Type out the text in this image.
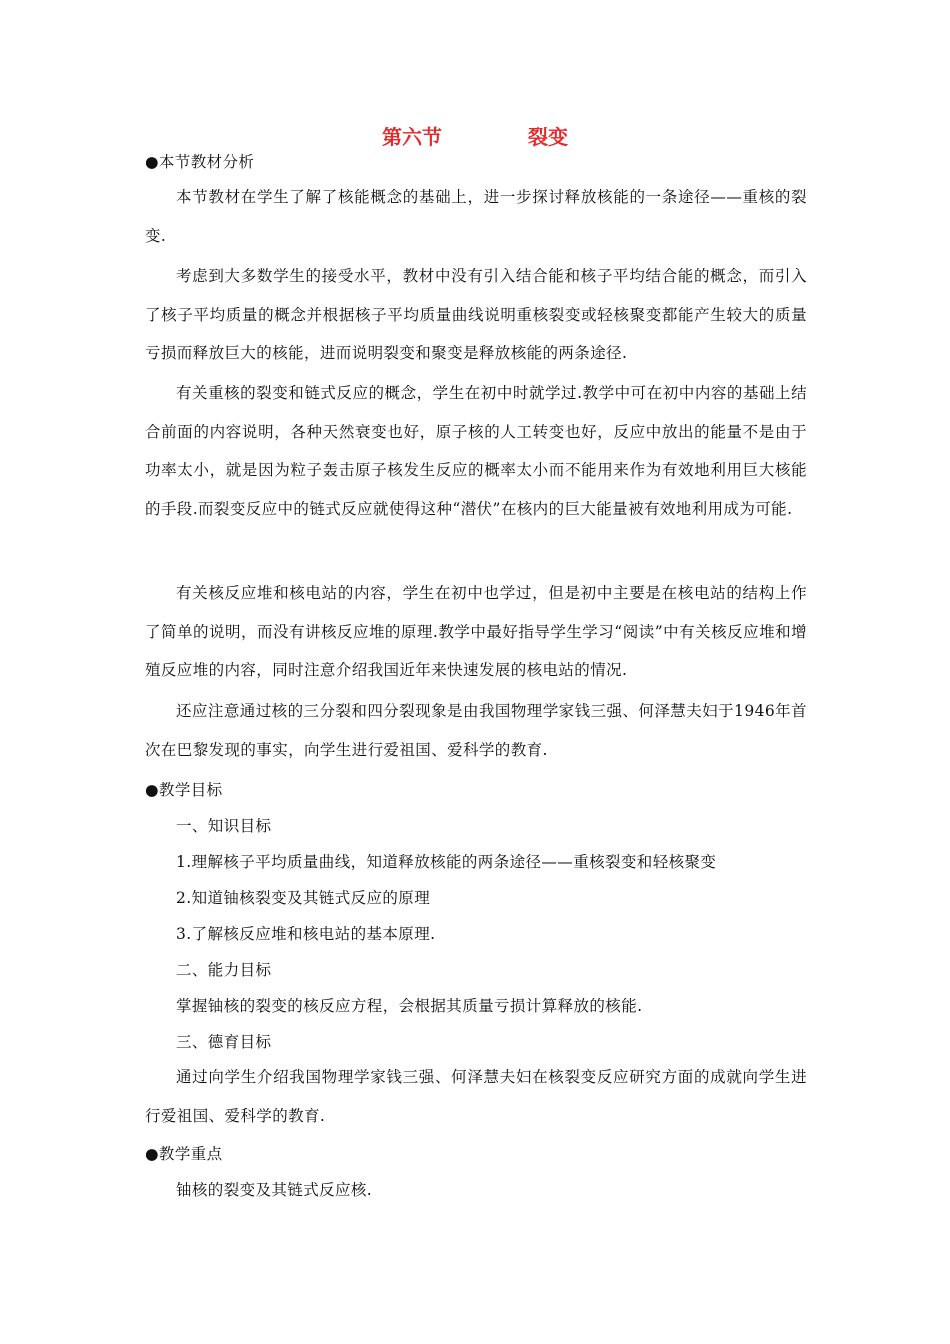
第六节	裂变
●本节教材分析
本节教材在学生了解了核能概念的基础上，进一步探讨释放核能的一条途径——重核的裂变.
考虑到大多数学生的接受水平，教材中没有引入结合能和核子平均结合能的概念，而引入了核子平均质量的概念并根据核子平均质量曲线说明重核裂变或轻核聚变都能产生较大的质量亏损而释放巨大的核能，进而说明裂变和聚变是释放核能的两条途径.
有关重核的裂变和链式反应的概念，学生在初中时就学过.教学中可在初中内容的基础上结合前面的内容说明，各种天然衰变也好，原子核的人工转变也好，反应中放出的能量不是由于功率太小，就是因为粒子轰击原子核发生反应的概率太小而不能用来作为有效地利用巨大核能的手段.而裂变反应中的链式反应就使得这种“潜伏”在核内的巨大能量被有效地利用成为可能.
有关核反应堆和核电站的内容，学生在初中也学过，但是初中主要是在核电站的结构上作了简单的说明，而没有讲核反应堆的原理.教学中最好指导学生学习“阅读”中有关核反应堆和增殖反应堆的内容，同时注意介绍我国近年来快速发展的核电站的情况.
还应注意通过核的三分裂和四分裂现象是由我国物理学家钱三强、何泽慧夫妇于1946年首次在巴黎发现的事实，向学生进行爱祖国、爱科学的教育.
●教学目标
一、知识目标
1.理解核子平均质量曲线，知道释放核能的两条途径——重核裂变和轻核聚变
2.知道铀核裂变及其链式反应的原理
3.了解核反应堆和核电站的基本原理.
二、能力目标
掌握铀核的裂变的核反应方程，会根据其质量亏损计算释放的核能.
三、德育目标
通过向学生介绍我国物理学家钱三强、何泽慧夫妇在核裂变反应研究方面的成就向学生进行爱祖国、爱科学的教育.
●教学重点
铀核的裂变及其链式反应核.
